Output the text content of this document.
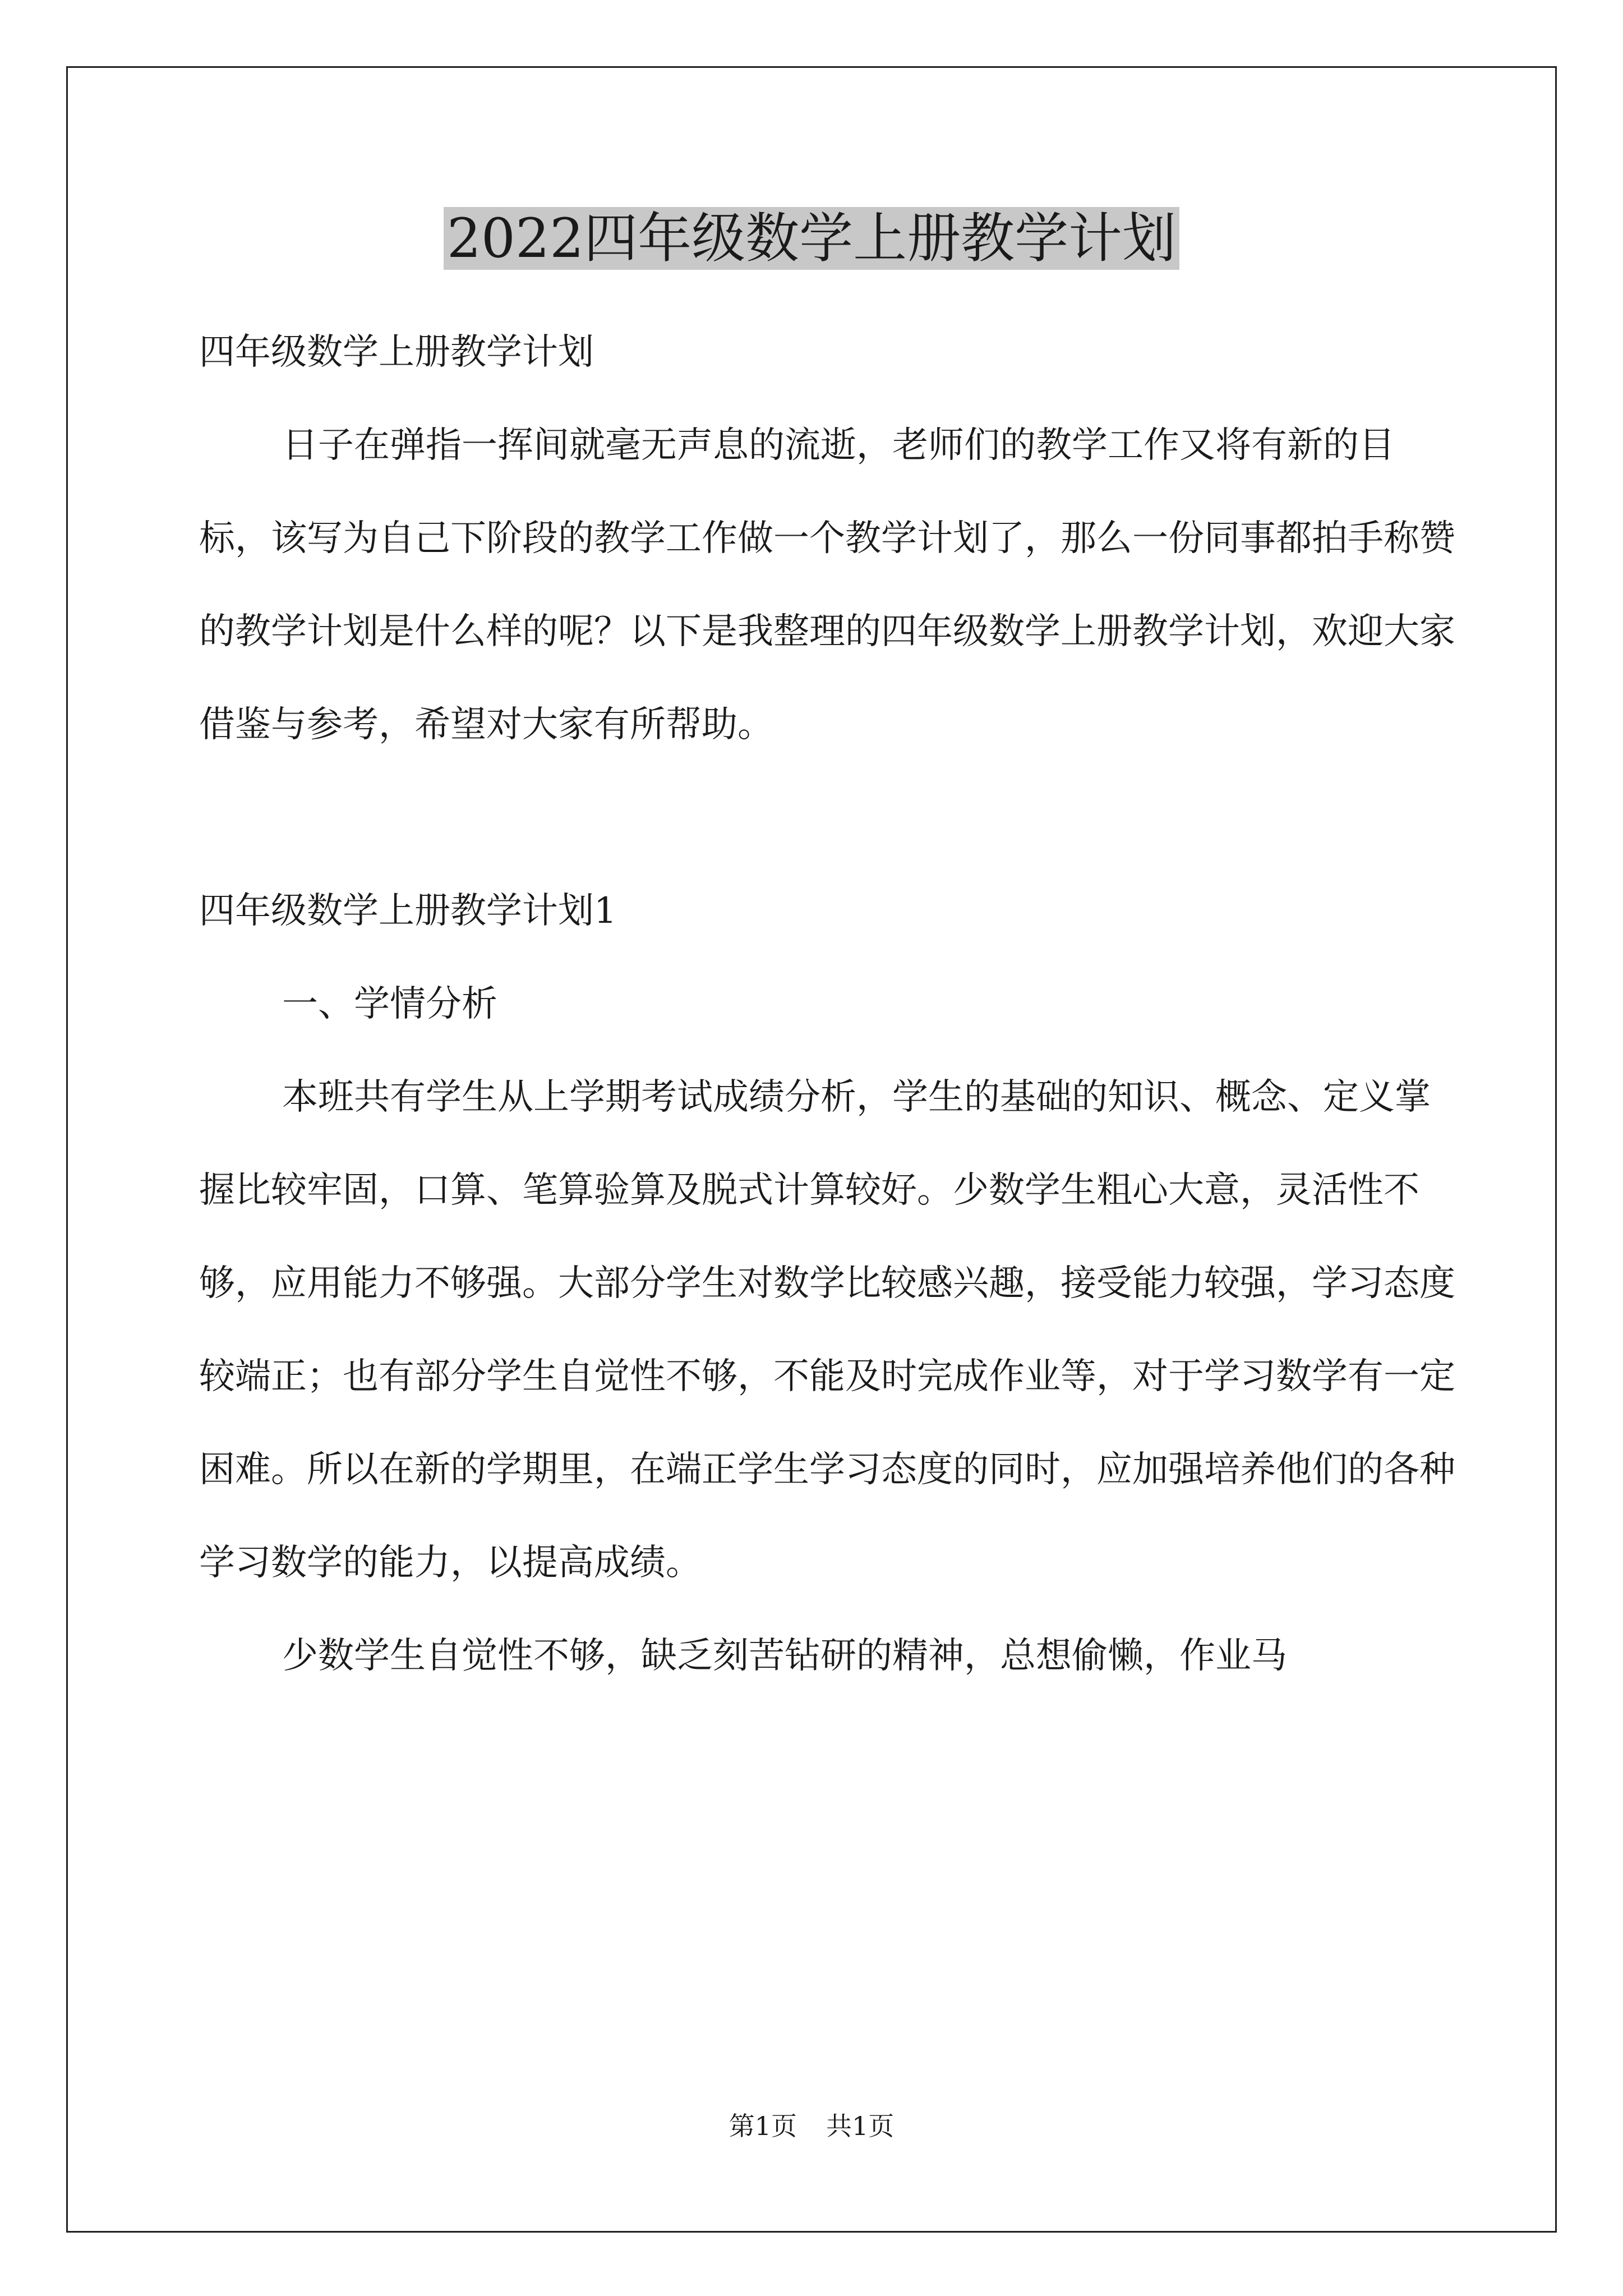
2022四年级数学上册教学计划

四年级数学上册教学计划

日子在弹指一挥间就毫无声息的流逝，老师们的教学工作又将有新的目标，该写为自己下阶段的教学工作做一个教学计划了，那么一份同事都拍手称赞的教学计划是什么样的呢？以下是我整理的四年级数学上册教学计划，欢迎大家借鉴与参考，希望对大家有所帮助。

四年级数学上册教学计划1

一、学情分析

本班共有学生从上学期考试成绩分析，学生的基础的知识、概念、定义掌握比较牢固，口算、笔算验算及脱式计算较好。少数学生粗心大意，灵活性不够，应用能力不够强。大部分学生对数学比较感兴趣，接受能力较强，学习态度较端正；也有部分学生自觉性不够，不能及时完成作业等，对于学习数学有一定困难。所以在新的学期里，在端正学生学习态度的同时，应加强培养他们的各种学习数学的能力，以提高成绩。

少数学生自觉性不够，缺乏刻苦钻研的精神，总想偷懒，作业马

第1页 共1页
